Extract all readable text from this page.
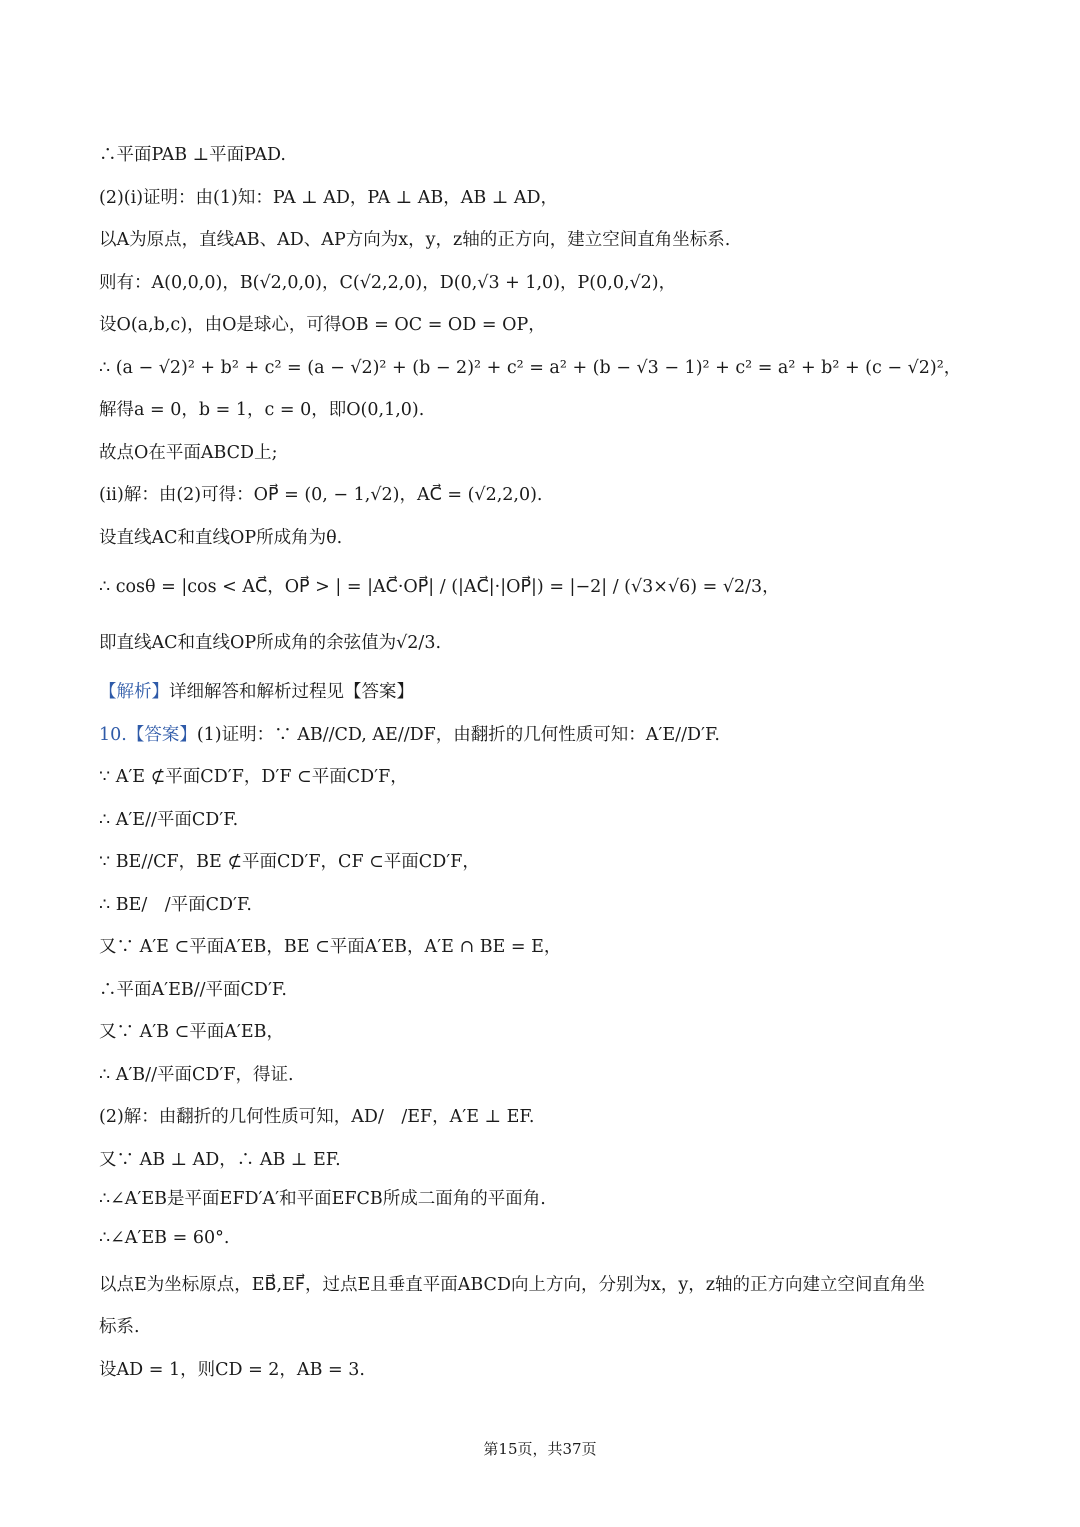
∴平面PAB ⊥平面PAD.
(2)(i)证明：由(1)知：PA ⊥ AD，PA ⊥ AB，AB ⊥ AD，
以A为原点，直线AB、AD、AP方向为x，y，z轴的正方向，建立空间直角坐标系.
则有：A(0,0,0)，B(√2,0,0)，C(√2,2,0)，D(0,√3 + 1,0)，P(0,0,√2)，
设O(a,b,c)，由O是球心，可得OB = OC = OD = OP，
∴ (a − √2)² + b² + c² = (a − √2)² + (b − 2)² + c² = a² + (b − √3 − 1)² + c² = a² + b² + (c − √2)²，
解得a = 0，b = 1，c = 0，即O(0,1,0).
故点O在平面ABCD上;
(ii)解：由(2)可得：OP⃗ = (0, − 1,√2)，AC⃗ = (√2,2,0).
设直线AC和直线OP所成角为θ.
∴ cosθ = |cos < AC⃗，OP⃗ > | = |AC⃗·OP⃗| / (|AC⃗|·|OP⃗|) = |−2| / (√3×√6) = √2/3，
即直线AC和直线OP所成角的余弦值为√2/3.
【解析】详细解答和解析过程见【答案】
10.【答案】(1)证明：∵ AB//CD, AE//DF，由翻折的几何性质可知：A′E//D′F.
∵ A′E ⊄平面CD′F，D′F ⊂平面CD′F，
∴ A′E//平面CD′F.
∵ BE//CF，BE ⊄平面CD′F，CF ⊂平面CD′F，
∴ BE/　/平面CD′F.
又∵ A′E ⊂平面A′EB，BE ⊂平面A′EB，A′E ∩ BE = E，
∴平面A′EB//平面CD′F.
又∵ A′B ⊂平面A′EB，
∴ A′B//平面CD′F，得证.
(2)解：由翻折的几何性质可知，AD/　/EF，A′E ⊥ EF.
又∵ AB ⊥ AD，∴ AB ⊥ EF.
∴∠A′EB是平面EFD′A′和平面EFCB所成二面角的平面角.
∴∠A′EB = 60°.
以点E为坐标原点，EB⃗,EF⃗，过点E且垂直平面ABCD向上方向，分别为x，y，z轴的正方向建立空间直角坐
标系.
设AD = 1，则CD = 2，AB = 3.
第15页，共37页
